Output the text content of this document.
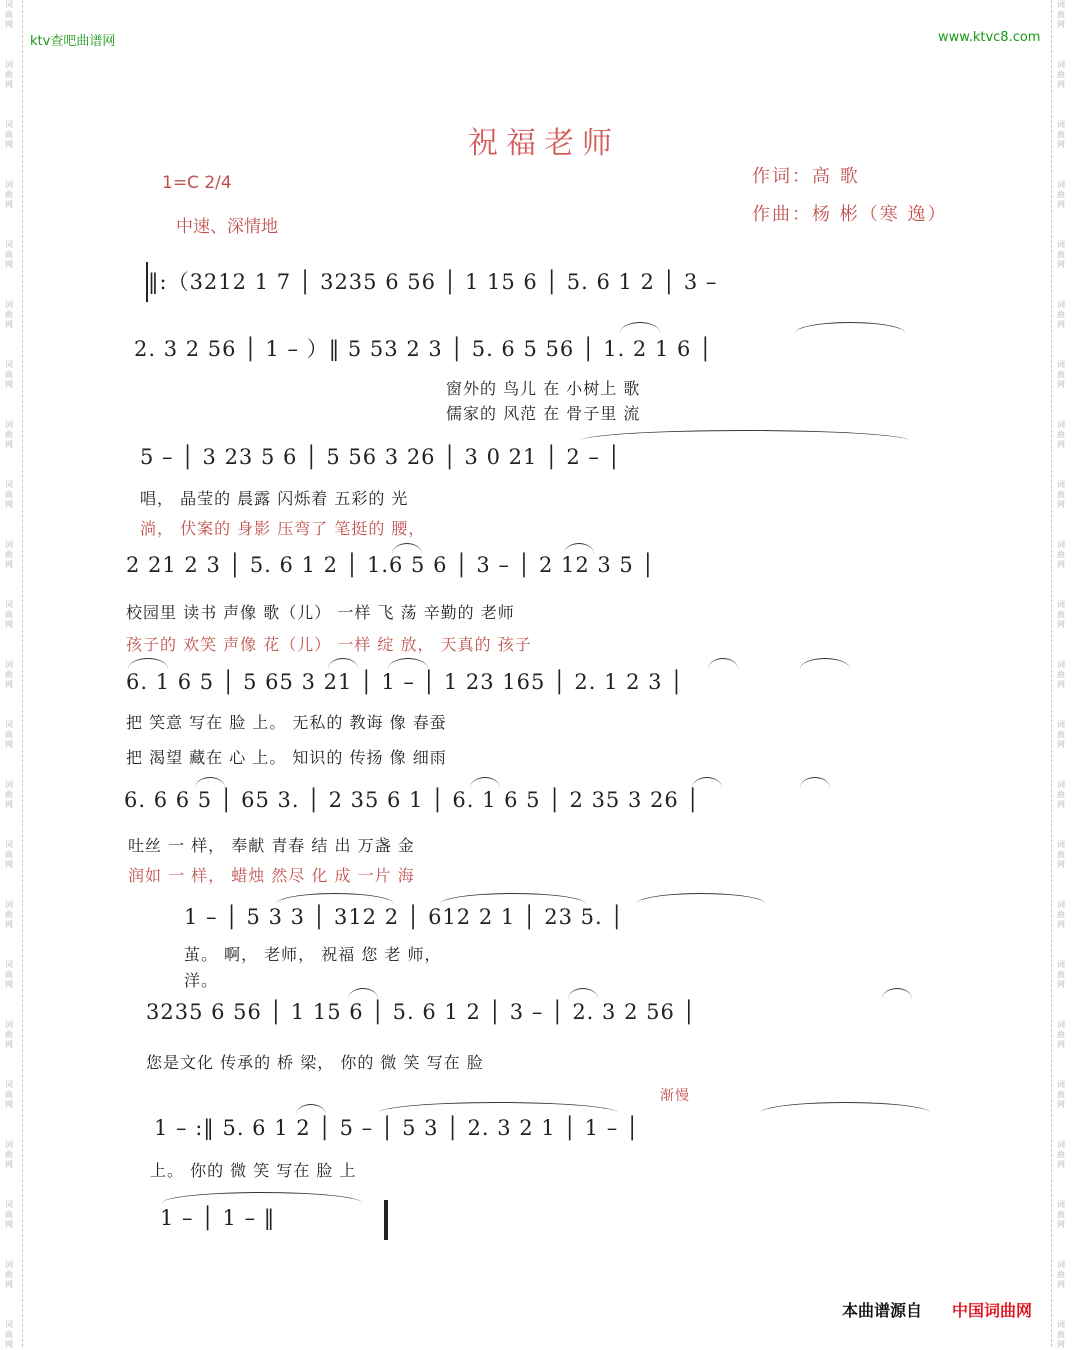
词曲网
词曲网
词曲网
词曲网
词曲网
词曲网
词曲网
词曲网
词曲网
词曲网
词曲网
词曲网
词曲网
词曲网
词曲网
词曲网
词曲网
词曲网
词曲网
词曲网
词曲网
词曲网
词曲网
词曲网
词曲网
词曲网
词曲网
词曲网
词曲网
词曲网
词曲网
词曲网
词曲网
词曲网
词曲网
词曲网
词曲网
词曲网
词曲网
词曲网
词曲网
词曲网
词曲网
词曲网
词曲网
词曲网
ktv查吧曲谱网	www.ktvc8.com
祝福老师
1=C 2/4
中速、深情地
作词：高 歌
作曲：杨 彬（寒 逸）
‖:（3212 1 7 │ 3235 6 56 │ 1 15 6 │ 5. 6 1 2 │ 3 –
2. 3 2 56 │ 1 – ）‖ 5 53 2 3 │ 5. 6 5 56 │ 1. 2 1 6 │
窗外的 鸟儿 在 小树上 歌
儒家的 风范 在 骨子里 流
5 – │ 3 23 5 6 │ 5 56 3 26 │ 3 0 21 │ 2 – │
唱， 晶莹的 晨露 闪烁着 五彩的 光
淌， 伏案的 身影 压弯了 笔挺的 腰，
2 21 2 3 │ 5. 6 1 2 │ 1.6 5 6 │ 3 – │ 2 12 3 5 │
校园里 读书 声像 歌（儿） 一样 飞 荡 辛勤的 老师
孩子的 欢笑 声像 花（儿） 一样 绽 放， 天真的 孩子
6. 1 6 5 │ 5 65 3 21 │ 1 – │ 1 23 165 │ 2. 1 2 3 │
把 笑意 写在 脸 上。 无私的 教诲 像 春蚕
把 渴望 藏在 心 上。 知识的 传扬 像 细雨
6. 6 6 5 │ 65 3. │ 2 35 6 1 │ 6. 1 6 5 │ 2 35 3 26 │
吐丝 一 样， 奉献 青春 结 出 万盏 金
润如 一 样， 蜡烛 然尽 化 成 一片 海
1 – │ 5 3 3 │ 312 2 │ 612 2 1 │ 23 5. │
茧。 啊， 老师， 祝福 您 老 师，
洋。
3235 6 56 │ 1 15 6 │ 5. 6 1 2 │ 3 – │ 2. 3 2 56 │
您是文化 传承的 桥 梁， 你的 微 笑 写在 脸
渐慢
1 – :‖ 5. 6 1 2 │ 5 – │ 5 3 │ 2. 3 2 1 │ 1 – │
上。 你的 微 笑 写在 脸 上
1 – │ 1 – ‖
本曲谱源自 中国词曲网
